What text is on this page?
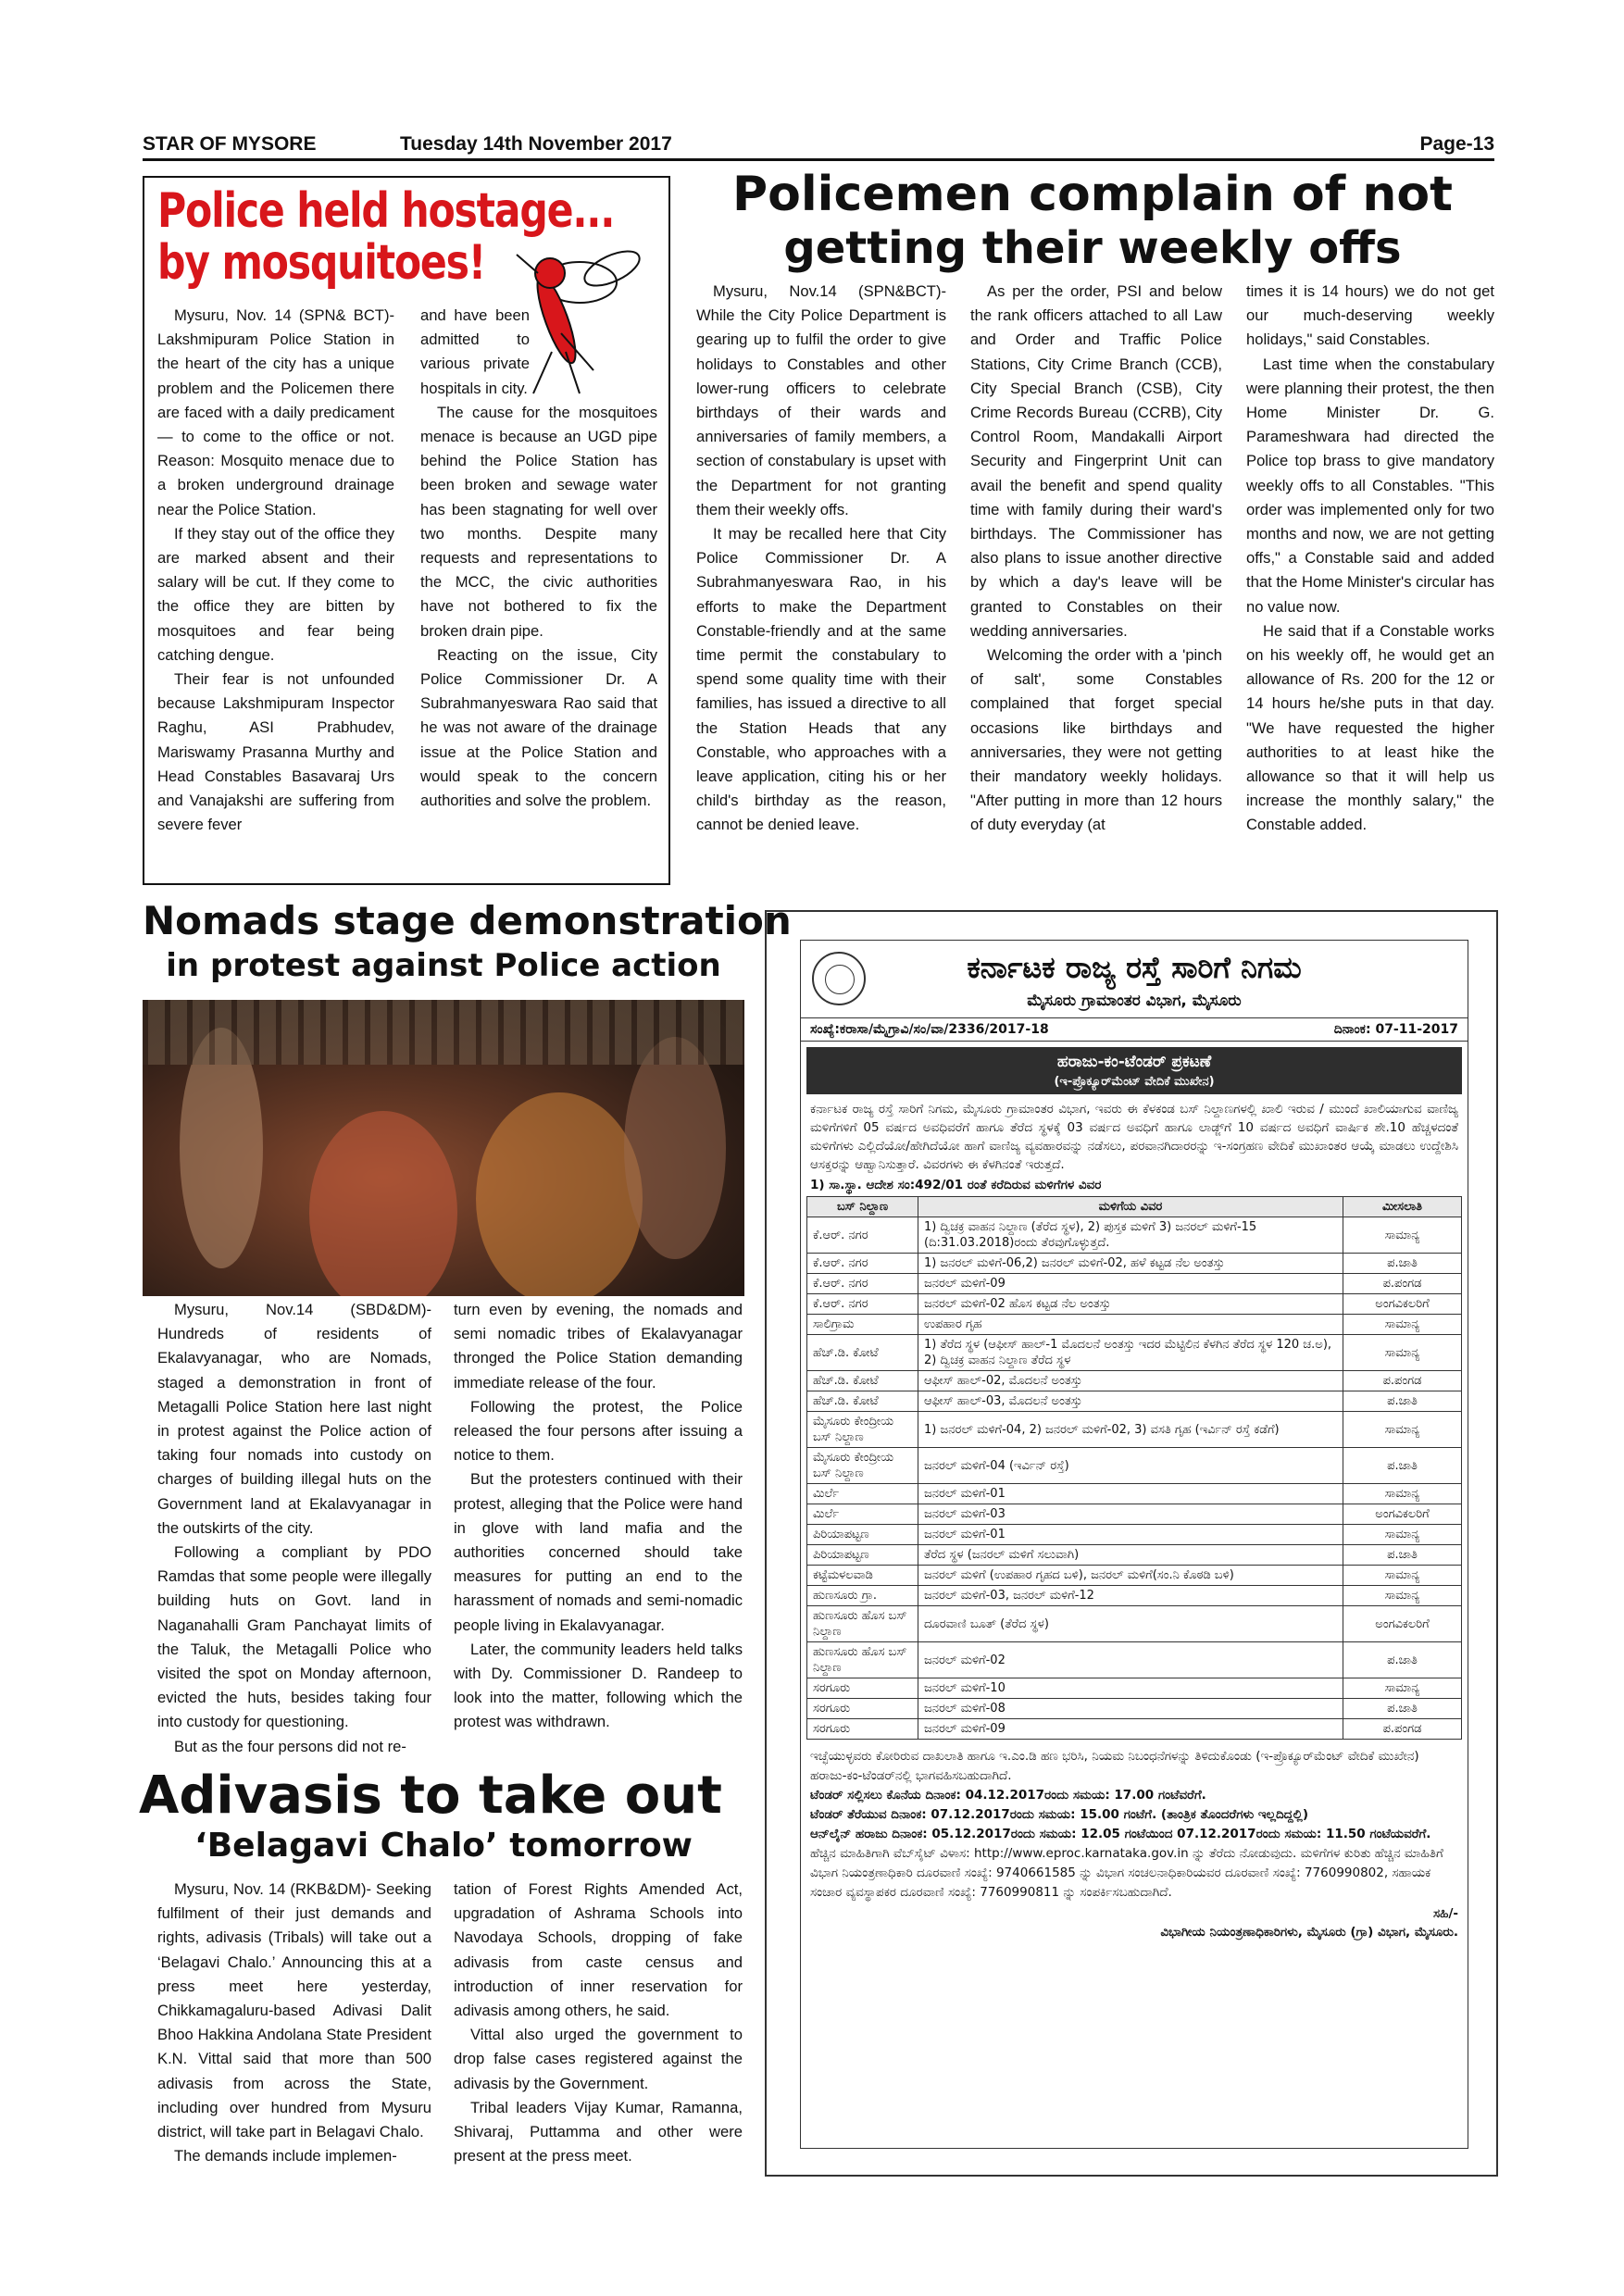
STAR OF MYSORE	Tuesday 14th November 2017	Page-13
Police held hostage...
by mosquitoes!

Mysuru, Nov. 14 (SPN& BCT)- Lakshmipuram Police Station in the heart of the city has a unique problem and the Policemen there are faced with a daily predicament — to come to the office or not. Reason: Mosquito menace due to a broken underground drainage near the Police Station.

If they stay out of the office they are marked absent and their salary will be cut. If they come to the office they are bitten by mosquitoes and fear being catching dengue.

Their fear is not unfounded because Lakshmipuram Inspector Raghu, ASI Prabhudev, Mariswamy Prasanna Murthy and Head Constables Basavaraj Urs and Vanajakshi are suffering from severe fever

and have been admitted to various private hospitals in city.

The cause for the mosquitoes menace is because an UGD pipe behind the Police Station has been broken and sewage water has been stagnating for well over two months. Despite many requests and representations to the MCC, the civic authorities have not bothered to fix the broken drain pipe.

Reacting on the issue, City Police Commissioner Dr. A Subrahmanyeswara Rao said that he was not aware of the drainage issue at the Police Station and would speak to the concern authorities and solve the problem.

Policemen complain of not
getting their weekly offs

Mysuru, Nov.14 (SPN&BCT)- While the City Police Department is gearing up to fulfil the order to give holidays to Constables and other lower-rung officers to celebrate birthdays of their wards and anniversaries of family members, a section of constabulary is upset with the Department for not granting them their weekly offs.

It may be recalled here that City Police Commissioner Dr. A Subrahmanyeswara Rao, in his efforts to make the Department Constable-friendly and at the same time permit the constabulary to spend some quality time with their families, has issued a directive to all the Station Heads that any Constable, who approaches with a leave application, citing his or her child's birthday as the reason, cannot be denied leave.

As per the order, PSI and below the rank officers attached to all Law and Order and Traffic Police Stations, City Crime Branch (CCB), City Special Branch (CSB), City Crime Records Bureau (CCRB), City Control Room, Mandakalli Airport Security and Fingerprint Unit can avail the benefit and spend quality time with family during their ward's birthdays. The Commissioner has also plans to issue another directive by which a day's leave will be granted to Constables on their wedding anniversaries.

Welcoming the order with a 'pinch of salt', some Constables complained that forget special occasions like birthdays and anniversaries, they were not getting their mandatory weekly holidays. "After putting in more than 12 hours of duty everyday (at

times it is 14 hours) we do not get our much-deserving weekly holidays," said Constables.

Last time when the constabulary were planning their protest, the then Home Minister Dr. G. Parameshwara had directed the Police top brass to give mandatory weekly offs to all Constables. "This order was implemented only for two months and now, we are not getting offs," a Constable said and added that the Home Minister's circular has no value now.

He said that if a Constable works on his weekly off, he would get an allowance of Rs. 200 for the 12 or 14 hours he/she puts in that day. "We have requested the higher authorities to at least hike the allowance so that it will help us increase the monthly salary," the Constable added.

Nomads stage demonstration
in protest against Police action

Mysuru, Nov.14 (SBD&DM)- Hundreds of residents of Ekalavyanagar, who are Nomads, staged a demonstration in front of Metagalli Police Station here last night in protest against the Police action of taking four nomads into custody on charges of building illegal huts on the Government land at Ekalavyanagar in the outskirts of the city.

Following a compliant by PDO Ramdas that some people were illegally building huts on Govt. land in Naganahalli Gram Panchayat limits of the Taluk, the Metagalli Police who visited the spot on Monday afternoon, evicted the huts, besides taking four into custody for questioning.

But as the four persons did not re-

turn even by evening, the nomads and semi nomadic tribes of Ekalavyanagar thronged the Police Station demanding immediate release of the four.

Following the protest, the Police released the four persons after issuing a notice to them.

But the protesters continued with their protest, alleging that the Police were hand in glove with land mafia and the authorities concerned should take measures for putting an end to the harassment of nomads and semi-nomadic people living in Ekalavyanagar.

Later, the community leaders held talks with Dy. Commissioner D. Randeep to look into the matter, following which the protest was withdrawn.

Adivasis to take out
‘Belagavi Chalo’ tomorrow

Mysuru, Nov. 14 (RKB&DM)- Seeking fulfilment of their just demands and rights, adivasis (Tribals) will take out a ‘Belagavi Chalo.’ Announcing this at a press meet here yesterday, Chikkamagaluru-based Adivasi Dalit Bhoo Hakkina Andolana State President K.N. Vittal said that more than 500 adivasis from across the State, including over hundred from Mysuru district, will take part in Belagavi Chalo.

The demands include implemen-

tation of Forest Rights Amended Act, upgradation of Ashrama Schools into Navodaya Schools, dropping of fake adivasis from caste census and introduction of inner reservation for adivasis among others, he said.

Vittal also urged the government to drop false cases registered against the adivasis by the Government.

Tribal leaders Vijay Kumar, Ramanna, Shivaraj, Puttamma and other were present at the press meet.

ಕರ್ನಾಟಕ ರಾಜ್ಯ ರಸ್ತೆ ಸಾರಿಗೆ ನಿಗಮ
ಮೈಸೂರು ಗ್ರಾಮಾಂತರ ವಿಭಾಗ, ಮೈಸೂರು
ಸಂಖ್ಯೆ:ಕರಾಸಾ/ಮೈಗ್ರಾವಿ/ಸಂ/ವಾ/2336/2017-18	ದಿನಾಂಕ: 07-11-2017
ಹರಾಜು-ಕಂ-ಟೆಂಡರ್ ಪ್ರಕಟಣೆ
(ಇ-ಪ್ರೊಕ್ಯೂರ್‌ಮೆಂಟ್ ವೇದಿಕೆ ಮುಖೇನ)
ಕರ್ನಾಟಕ ರಾಜ್ಯ ರಸ್ತೆ ಸಾರಿಗೆ ನಿಗಮ, ಮೈಸೂರು ಗ್ರಾಮಾಂತರ ವಿಭಾಗ, ಇವರು ಈ ಕೆಳಕಂಡ ಬಸ್ ನಿಲ್ದಾಣಗಳಲ್ಲಿ ಖಾಲಿ ಇರುವ / ಮುಂದೆ ಖಾಲಿಯಾಗುವ ವಾಣಿಜ್ಯ ಮಳಿಗೆಗಳಿಗೆ 05 ವರ್ಷದ ಅವಧಿವರೆಗೆ ಹಾಗೂ ತೆರೆದ ಸ್ಥಳಕ್ಕೆ 03 ವರ್ಷದ ಅವಧಿಗೆ ಹಾಗೂ ಲಾಡ್ಜ್‌ಗೆ 10 ವರ್ಷದ ಅವಧಿಗೆ ವಾರ್ಷಿಕ ಶೇ.10 ಹೆಚ್ಚಳದಂತೆ ಮಳಿಗೆಗಳು ಎಲ್ಲಿದೆಯೋ/ಹೇಗಿದೆಯೋ ಹಾಗೆ ವಾಣಿಜ್ಯ ವ್ಯವಹಾರವನ್ನು ನಡೆಸಲು, ಪರವಾನಗಿದಾರರನ್ನು ಇ-ಸಂಗ್ರಹಣ ವೇದಿಕೆ ಮುಖಾಂತರ ಆಯ್ಕೆ ಮಾಡಲು ಉದ್ದೇಶಿಸಿ ಆಸಕ್ತರನ್ನು ಆಹ್ವಾನಿಸುತ್ತಾರೆ. ವಿವರಗಳು ಈ ಕೆಳಗಿನಂತೆ ಇರುತ್ತದೆ.
1) ಸಾ.ಸ್ಥಾ. ಆದೇಶ ಸಂ:492/01 ರಂತೆ ಕರೆದಿರುವ ಮಳಿಗೆಗಳ ವಿವರ
ಬಸ್ ನಿಲ್ದಾಣ	ಮಳಿಗೆಯ ವಿವರ	ಮೀಸಲಾತಿ
ಕೆ.ಆರ್. ನಗರ	1) ದ್ವಿಚಕ್ರ ವಾಹನ ನಿಲ್ದಾಣ (ತೆರೆದ ಸ್ಥಳ), 2) ಪುಸ್ತಕ ಮಳಿಗೆ 3) ಜನರಲ್ ಮಳಿಗೆ-15 (ದಿ:31.03.2018)ರಂದು ತೆರವುಗೊಳ್ಳುತ್ತದೆ.	ಸಾಮಾನ್ಯ
ಕೆ.ಆರ್. ನಗರ	1) ಜನರಲ್ ಮಳಿಗೆ-06,2) ಜನರಲ್ ಮಳಿಗೆ-02, ಹಳೆ ಕಟ್ಟಡ ನೆಲ ಅಂತಸ್ತು	ಪ.ಜಾತಿ
ಕೆ.ಆರ್. ನಗರ	ಜನರಲ್ ಮಳಿಗೆ-09	ಪ.ಪಂಗಡ
ಕೆ.ಆರ್. ನಗರ	ಜನರಲ್ ಮಳಿಗೆ-02 ಹೊಸ ಕಟ್ಟಡ ನೆಲ ಅಂತಸ್ತು	ಅಂಗವಿಕಲರಿಗೆ
ಸಾಲಿಗ್ರಾಮ	ಉಪಹಾರ ಗೃಹ	ಸಾಮಾನ್ಯ
ಹೆಚ್.ಡಿ. ಕೋಟೆ	1) ತೆರೆದ ಸ್ಥಳ (ಆಫೀಸ್ ಹಾಲ್-1 ಮೊದಲನೆ ಅಂತಸ್ತು ಇದರ ಮೆಟ್ಟಿಲಿನ ಕೆಳಗಿನ ತೆರೆದ ಸ್ಥಳ 120 ಚ.ಅ), 2) ದ್ವಿಚಕ್ರ ವಾಹನ ನಿಲ್ದಾಣ ತೆರೆದ ಸ್ಥಳ	ಸಾಮಾನ್ಯ
ಹೆಚ್.ಡಿ. ಕೋಟೆ	ಆಫೀಸ್ ಹಾಲ್-02, ಮೊದಲನೆ ಅಂತಸ್ತು	ಪ.ಪಂಗಡ
ಹೆಚ್.ಡಿ. ಕೋಟೆ	ಆಫೀಸ್ ಹಾಲ್-03, ಮೊದಲನೆ ಅಂತಸ್ತು	ಪ.ಜಾತಿ
ಮೈಸೂರು ಕೇಂದ್ರೀಯ ಬಸ್ ನಿಲ್ದಾಣ	1) ಜನರಲ್ ಮಳಿಗೆ-04, 2) ಜನರಲ್ ಮಳಿಗೆ-02, 3) ವಸತಿ ಗೃಹ (ಇರ್ವಿನ್ ರಸ್ತೆ ಕಡೆಗೆ)	ಸಾಮಾನ್ಯ
ಮೈಸೂರು ಕೇಂದ್ರೀಯ ಬಸ್ ನಿಲ್ದಾಣ	ಜನರಲ್ ಮಳಿಗೆ-04 (ಇರ್ವಿನ್ ರಸ್ತೆ)	ಪ.ಜಾತಿ
ಮಿರ್ಲೆ	ಜನರಲ್ ಮಳಿಗೆ-01	ಸಾಮಾನ್ಯ
ಮಿರ್ಲೆ	ಜನರಲ್ ಮಳಿಗೆ-03	ಅಂಗವಿಕಲರಿಗೆ
ಪಿರಿಯಾಪಟ್ಟಣ	ಜನರಲ್ ಮಳಿಗೆ-01	ಸಾಮಾನ್ಯ
ಪಿರಿಯಾಪಟ್ಟಣ	ತೆರೆದ ಸ್ಥಳ (ಜನರಲ್ ಮಳಿಗೆ ಸಲುವಾಗಿ)	ಪ.ಜಾತಿ
ಕಟ್ಟೆಮಳಲವಾಡಿ	ಜನರಲ್ ಮಳಿಗೆ (ಉಪಹಾರ ಗೃಹದ ಬಳಿ), ಜನರಲ್ ಮಳಿಗೆ(ಸಂ.ನಿ ಕೊಠಡಿ ಬಳಿ)	ಸಾಮಾನ್ಯ
ಹುಣಸೂರು ಗ್ರಾ.	ಜನರಲ್ ಮಳಿಗೆ-03, ಜನರಲ್ ಮಳಿಗೆ-12	ಸಾಮಾನ್ಯ
ಹುಣಸೂರು ಹೊಸ ಬಸ್ ನಿಲ್ದಾಣ	ದೂರವಾಣಿ ಬೂತ್ (ತೆರೆದ ಸ್ಥಳ)	ಅಂಗವಿಕಲರಿಗೆ
ಹುಣಸೂರು ಹೊಸ ಬಸ್ ನಿಲ್ದಾಣ	ಜನರಲ್ ಮಳಿಗೆ-02	ಪ.ಜಾತಿ
ಸರಗೂರು	ಜನರಲ್ ಮಳಿಗೆ-10	ಸಾಮಾನ್ಯ
ಸರಗೂರು	ಜನರಲ್ ಮಳಿಗೆ-08	ಪ.ಜಾತಿ
ಸರಗೂರು	ಜನರಲ್ ಮಳಿಗೆ-09	ಪ.ಪಂಗಡ
ಇಚ್ಛೆಯುಳ್ಳವರು ಕೋರಿರುವ ದಾಖಲಾತಿ ಹಾಗೂ ಇ.ಎಂ.ಡಿ ಹಣ ಭರಿಸಿ, ನಿಯಮ ನಿಬಂಧನೆಗಳನ್ನು ತಿಳಿದುಕೊಂಡು (ಇ-ಪ್ರೊಕ್ಯೂರ್‌ಮೆಂಟ್ ವೇದಿಕೆ ಮುಖೇನ) ಹರಾಜು-ಕಂ-ಟೆಂಡರ್‌ನಲ್ಲಿ ಭಾಗವಹಿಸಬಹುದಾಗಿದೆ.
ಟೆಂಡರ್ ಸಲ್ಲಿಸಲು ಕೊನೆಯ ದಿನಾಂಕ: 04.12.2017ರಂದು ಸಮಯ: 17.00 ಗಂಟೆವರೆಗೆ.
ಟೆಂಡರ್ ತೆರೆಯುವ ದಿನಾಂಕ: 07.12.2017ರಂದು ಸಮಯ: 15.00 ಗಂಟೆಗೆ. (ತಾಂತ್ರಿಕ ತೊಂದರೆಗಳು ಇಲ್ಲದಿದ್ದಲ್ಲಿ)
ಆನ್‌ಲೈನ್ ಹರಾಜು ದಿನಾಂಕ: 05.12.2017ರಂದು ಸಮಯ: 12.05 ಗಂಟೆಯಿಂದ 07.12.2017ರಂದು ಸಮಯ: 11.50 ಗಂಟೆಯವರೆಗೆ.
ಹೆಚ್ಚಿನ ಮಾಹಿತಿಗಾಗಿ ವೆಬ್‌ಸೈಟ್ ವಿಳಾಸ: http://www.eproc.karnataka.gov.in ನ್ನು ತೆರೆದು ನೋಡುವುದು. ಮಳಿಗೆಗಳ ಕುರಿತು ಹೆಚ್ಚಿನ ಮಾಹಿತಿಗೆ ವಿಭಾಗ ನಿಯಂತ್ರಣಾಧಿಕಾರಿ ದೂರವಾಣಿ ಸಂಖ್ಯೆ: 9740661585 ನ್ನು ವಿಭಾಗ ಸಂಚಲನಾಧಿಕಾರಿಯವರ ದೂರವಾಣಿ ಸಂಖ್ಯೆ: 7760990802, ಸಹಾಯಕ ಸಂಚಾರ ವ್ಯವಸ್ಥಾಪಕರ ದೂರವಾಣಿ ಸಂಖ್ಯೆ: 7760990811 ನ್ನು ಸಂಪರ್ಕಿಸಬಹುದಾಗಿದೆ.
ಸಹಿ/-
ವಿಭಾಗೀಯ ನಿಯಂತ್ರಣಾಧಿಕಾರಿಗಳು, ಮೈಸೂರು (ಗ್ರಾ) ವಿಭಾಗ, ಮೈಸೂರು.
